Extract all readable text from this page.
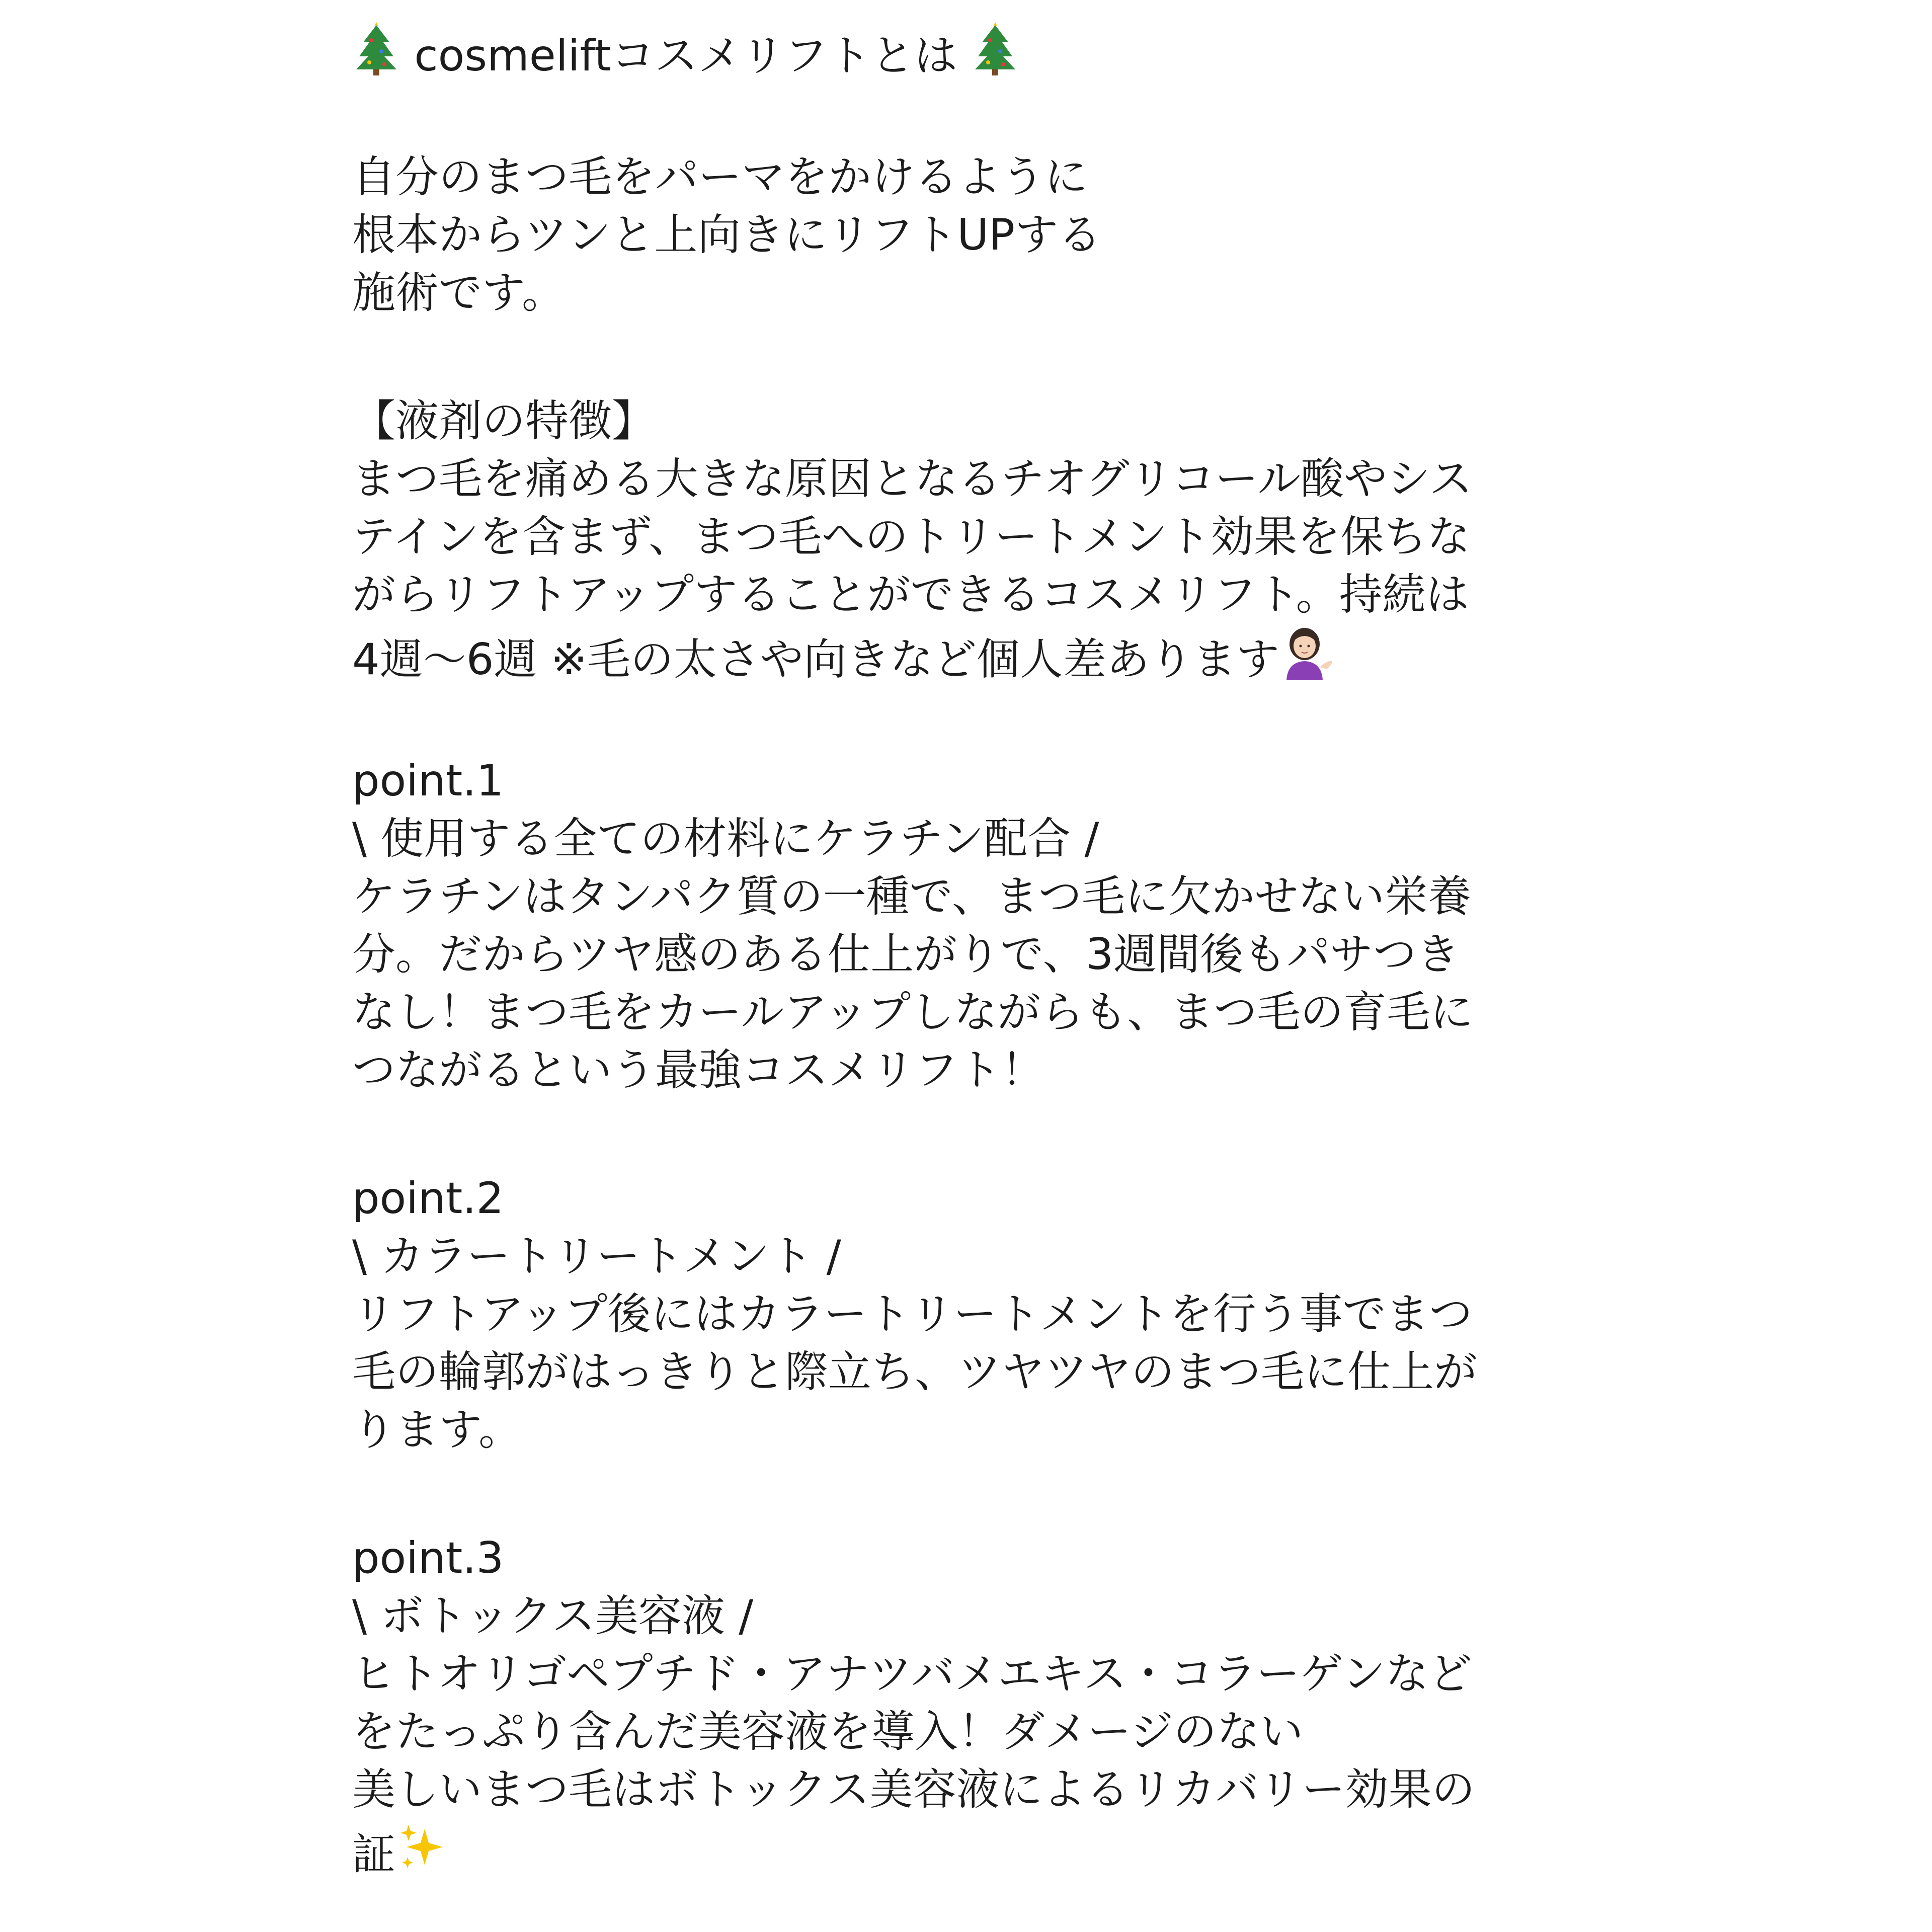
cosmeliftコスメリフトとは
自分のまつ毛をパーマをかけるように
根本からツンと上向きにリフトUPする
施術です。
【液剤の特徴】
まつ毛を痛める大きな原因となるチオグリコール酸やシス
テインを含まず、まつ毛へのトリートメント効果を保ちな
がらリフトアップすることができるコスメリフト。持続は
4週〜6週 ※毛の太さや向きなど個人差あります
point.1
\ 使用する全ての材料にケラチン配合 /
ケラチンはタンパク質の一種で、まつ毛に欠かせない栄養
分。だからツヤ感のある仕上がりで、3週間後もパサつき
なし！まつ毛をカールアップしながらも、まつ毛の育毛に
つながるという最強コスメリフト！
point.2
\ カラートリートメント /
リフトアップ後にはカラートリートメントを行う事でまつ
毛の輪郭がはっきりと際立ち、ツヤツヤのまつ毛に仕上が
ります。
point.3
\ ボトックス美容液 /
ヒトオリゴペプチド・アナツバメエキス・コラーゲンなど
をたっぷり含んだ美容液を導入！ダメージのない
美しいまつ毛はボトックス美容液によるリカバリー効果の
証
